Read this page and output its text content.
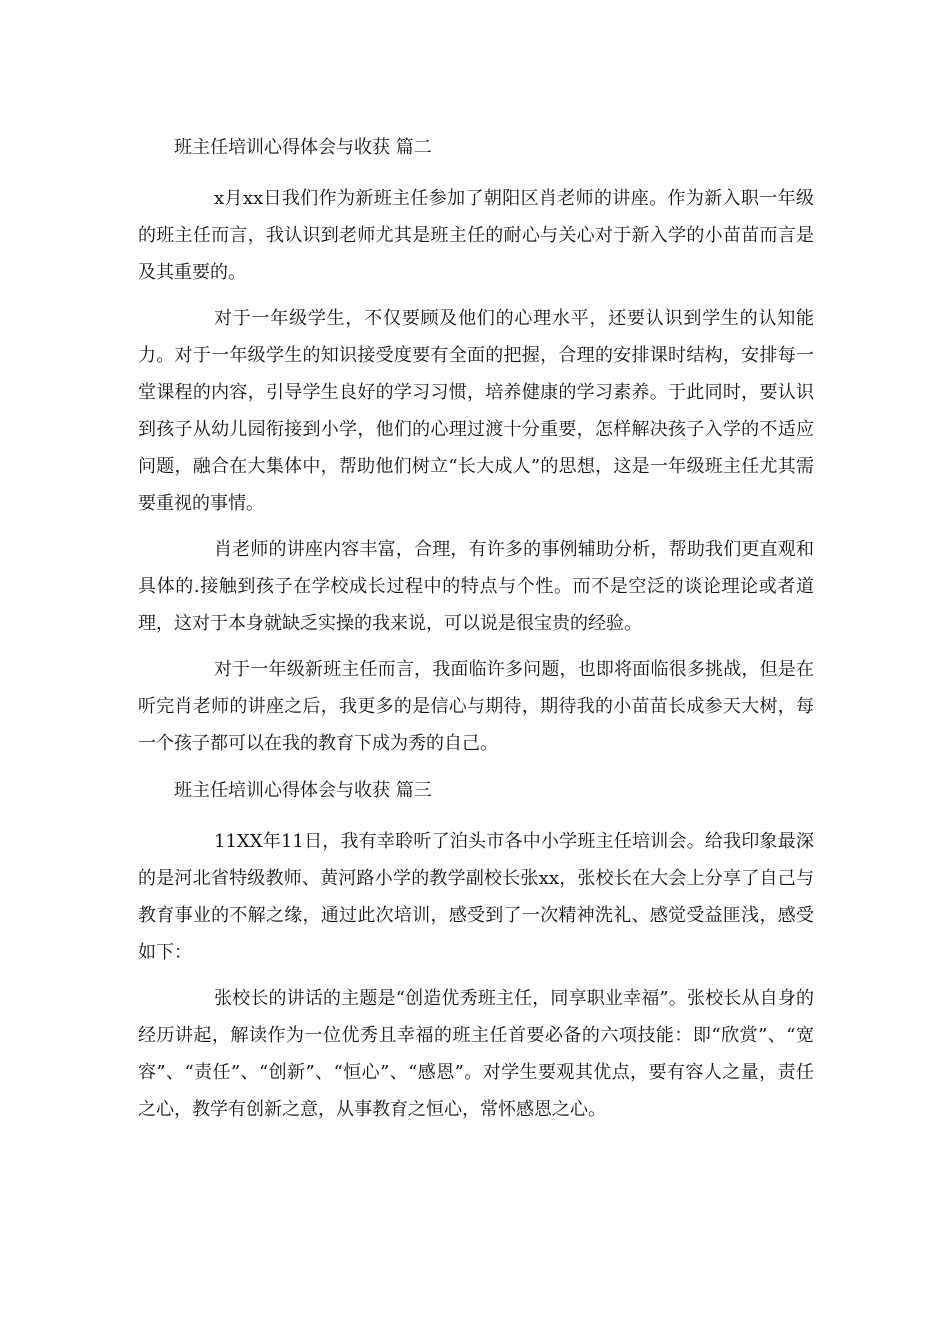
班主任培训心得体会与收获 篇二

x月xx日我们作为新班主任参加了朝阳区肖老师的讲座。作为新入职一年级的班主任而言，我认识到老师尤其是班主任的耐心与关心对于新入学的小苗苗而言是及其重要的。

对于一年级学生，不仅要顾及他们的心理水平，还要认识到学生的认知能力。对于一年级学生的知识接受度要有全面的把握，合理的安排课时结构，安排每一堂课程的内容，引导学生良好的学习习惯，培养健康的学习素养。于此同时，要认识到孩子从幼儿园衔接到小学，他们的心理过渡十分重要，怎样解决孩子入学的不适应问题，融合在大集体中，帮助他们树立“长大成人”的思想，这是一年级班主任尤其需要重视的事情。

肖老师的讲座内容丰富，合理，有许多的事例辅助分析，帮助我们更直观和具体的.接触到孩子在学校成长过程中的特点与个性。而不是空泛的谈论理论或者道理，这对于本身就缺乏实操的我来说，可以说是很宝贵的经验。

对于一年级新班主任而言，我面临许多问题，也即将面临很多挑战，但是在听完肖老师的讲座之后，我更多的是信心与期待，期待我的小苗苗长成参天大树，每一个孩子都可以在我的教育下成为秀的自己。

班主任培训心得体会与收获 篇三

11XX年11日，我有幸聆听了泊头市各中小学班主任培训会。给我印象最深的是河北省特级教师、黄河路小学的教学副校长张xx，张校长在大会上分享了自己与教育事业的不解之缘，通过此次培训，感受到了一次精神洗礼、感觉受益匪浅，感受如下：

张校长的讲话的主题是“创造优秀班主任，同享职业幸福”。张校长从自身的经历讲起，解读作为一位优秀且幸福的班主任首要必备的六项技能：即“欣赏”、“宽容”、“责任”、“创新”、“恒心”、“感恩”。对学生要观其优点，要有容人之量，责任之心，教学有创新之意，从事教育之恒心，常怀感恩之心。
